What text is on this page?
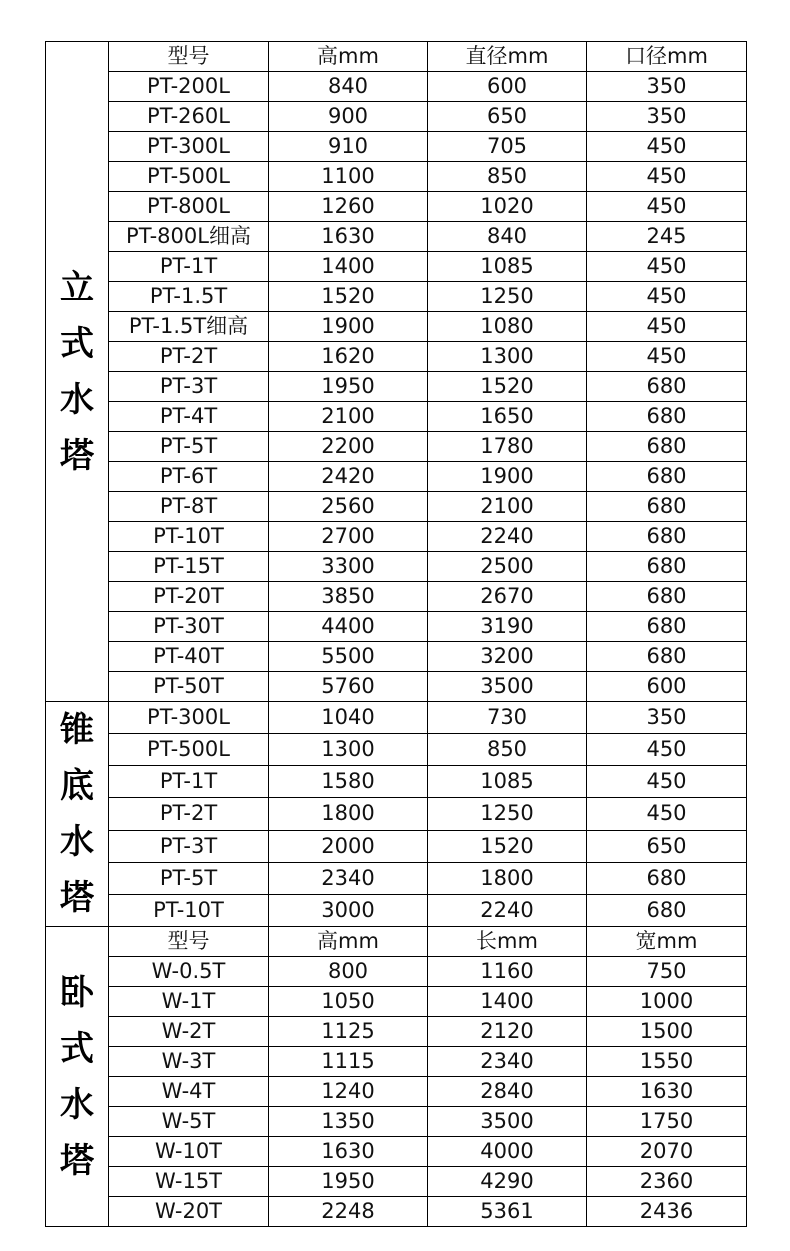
立
式
水
塔	型号	高mm	直径mm	口径mm
	PT-200L	840	600	350
	PT-260L	900	650	350
	PT-300L	910	705	450
	PT-500L	1100	850	450
	PT-800L	1260	1020	450
	PT-800L细高	1630	840	245
	PT-1T	1400	1085	450
	PT-1.5T	1520	1250	450
	PT-1.5T细高	1900	1080	450
	PT-2T	1620	1300	450
	PT-3T	1950	1520	680
	PT-4T	2100	1650	680
	PT-5T	2200	1780	680
	PT-6T	2420	1900	680
	PT-8T	2560	2100	680
	PT-10T	2700	2240	680
	PT-15T	3300	2500	680
	PT-20T	3850	2670	680
	PT-30T	4400	3190	680
	PT-40T	5500	3200	680
	PT-50T	5760	3500	600

锥
底
水
塔	PT-300L	1040	730	350
	PT-500L	1300	850	450
	PT-1T	1580	1085	450
	PT-2T	1800	1250	450
	PT-3T	2000	1520	650
	PT-5T	2340	1800	680
	PT-10T	3000	2240	680

卧
式
水
塔	型号	高mm	长mm	宽mm
	W-0.5T	800	1160	750
	W-1T	1050	1400	1000
	W-2T	1125	2120	1500
	W-3T	1115	2340	1550
	W-4T	1240	2840	1630
	W-5T	1350	3500	1750
	W-10T	1630	4000	2070
	W-15T	1950	4290	2360
	W-20T	2248	5361	2436
